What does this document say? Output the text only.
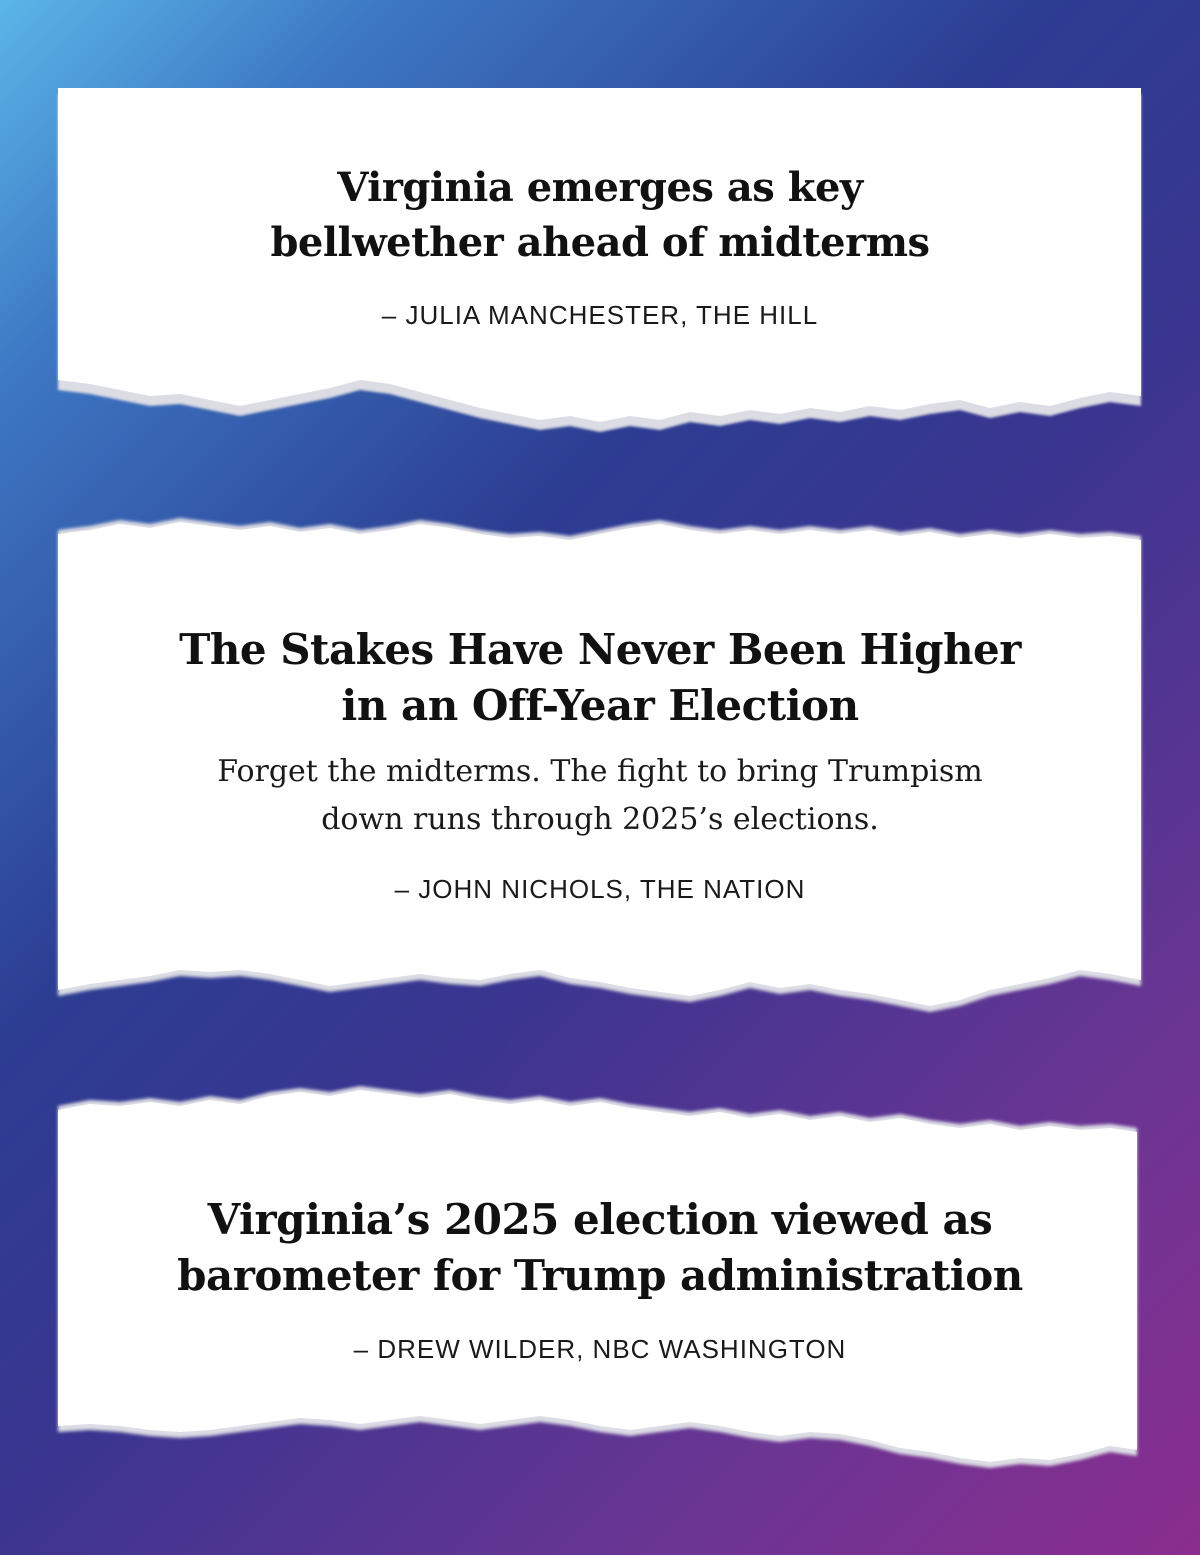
Virginia emerges as key
bellwether ahead of midterms

– JULIA MANCHESTER, THE HILL

The Stakes Have Never Been Higher
in an Off-Year Election

Forget the midterms. The fight to bring Trumpism
down runs through 2025’s elections.

– JOHN NICHOLS, THE NATION

Virginia’s 2025 election viewed as
barometer for Trump administration

– DREW WILDER, NBC WASHINGTON
